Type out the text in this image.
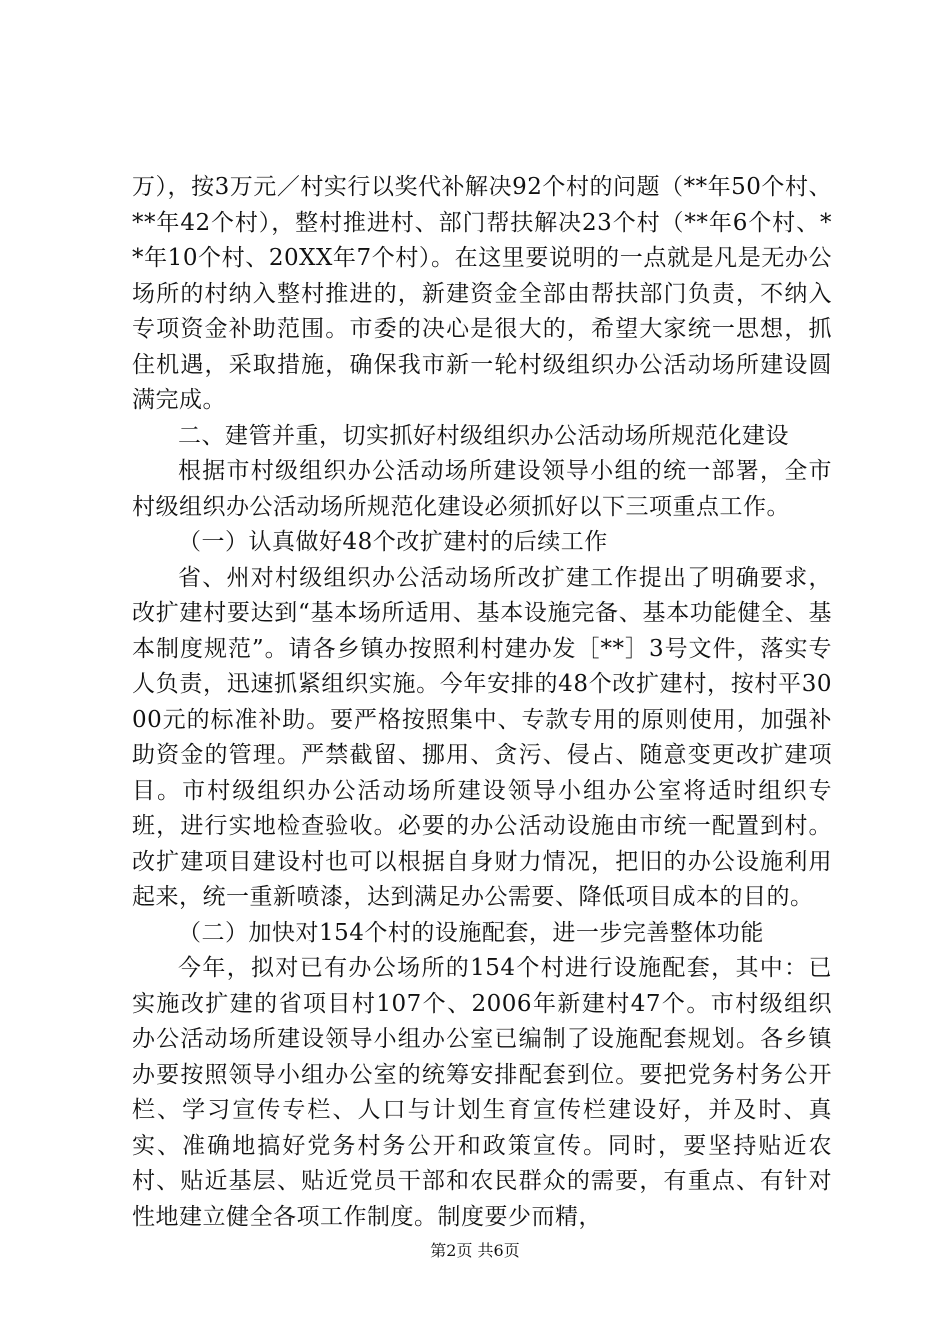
万），按3万元／村实行以奖代补解决92个村的问题（**年50个村、**年42个村），整村推进村、部门帮扶解决23个村（**年6个村、**年10个村、20XX年7个村）。在这里要说明的一点就是凡是无办公场所的村纳入整村推进的，新建资金全部由帮扶部门负责，不纳入专项资金补助范围。市委的决心是很大的，希望大家统一思想，抓住机遇，采取措施，确保我市新一轮村级组织办公活动场所建设圆满完成。

二、建管并重，切实抓好村级组织办公活动场所规范化建设

根据市村级组织办公活动场所建设领导小组的统一部署，全市村级组织办公活动场所规范化建设必须抓好以下三项重点工作。

（一）认真做好48个改扩建村的后续工作

省、州对村级组织办公活动场所改扩建工作提出了明确要求，改扩建村要达到“基本场所适用、基本设施完备、基本功能健全、基本制度规范”。请各乡镇办按照利村建办发［**］3号文件，落实专人负责，迅速抓紧组织实施。今年安排的48个改扩建村，按村平3000元的标准补助。要严格按照集中、专款专用的原则使用，加强补助资金的管理。严禁截留、挪用、贪污、侵占、随意变更改扩建项目。市村级组织办公活动场所建设领导小组办公室将适时组织专班，进行实地检查验收。必要的办公活动设施由市统一配置到村。改扩建项目建设村也可以根据自身财力情况，把旧的办公设施利用起来，统一重新喷漆，达到满足办公需要、降低项目成本的目的。

（二）加快对154个村的设施配套，进一步完善整体功能

今年，拟对已有办公场所的154个村进行设施配套，其中：已实施改扩建的省项目村107个、2006年新建村47个。市村级组织办公活动场所建设领导小组办公室已编制了设施配套规划。各乡镇办要按照领导小组办公室的统筹安排配套到位。要把党务村务公开栏、学习宣传专栏、人口与计划生育宣传栏建设好，并及时、真实、准确地搞好党务村务公开和政策宣传。同时，要坚持贴近农村、贴近基层、贴近党员干部和农民群众的需要，有重点、有针对性地建立健全各项工作制度。制度要少而精，

第2页 共6页
